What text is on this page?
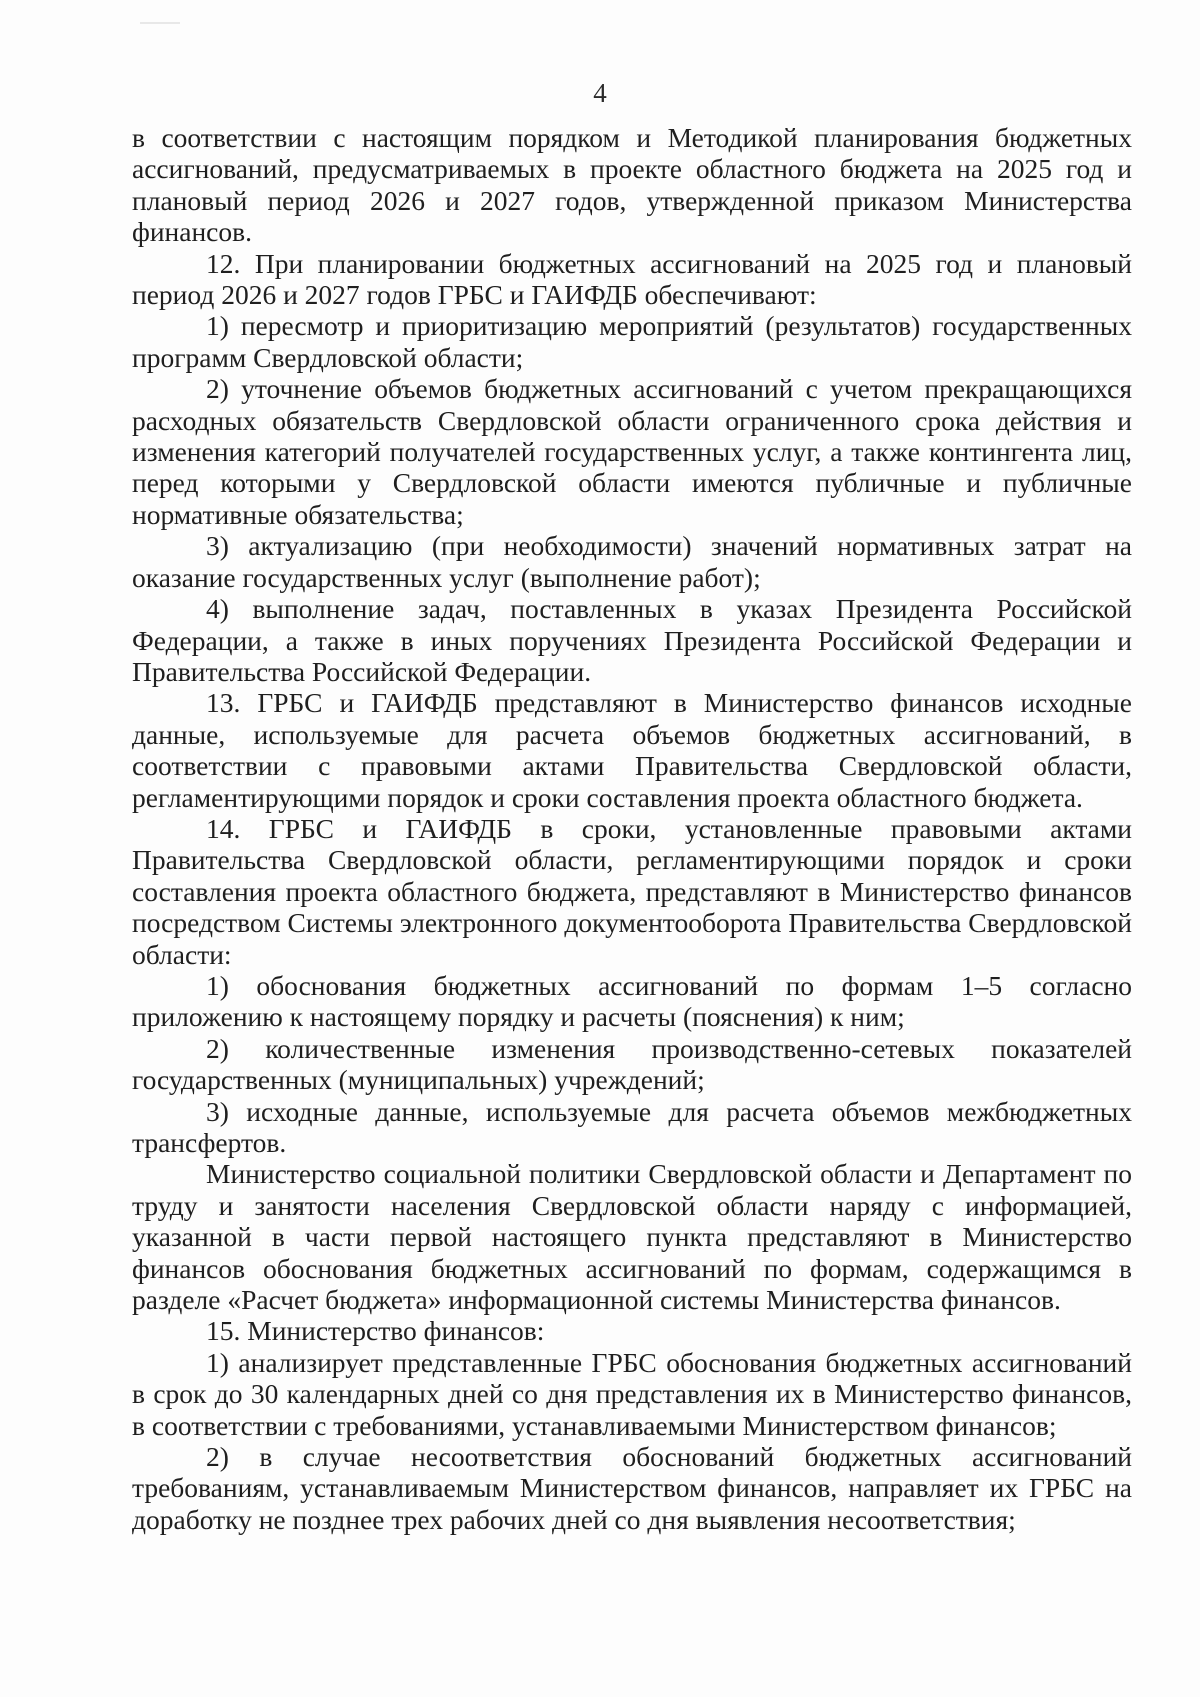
4

в соответствии с настоящим порядком и Методикой планирования бюджетных ассигнований, предусматриваемых в проекте областного бюджета на 2025 год и плановый период 2026 и 2027 годов, утвержденной приказом Министерства финансов.

12. При планировании бюджетных ассигнований на 2025 год и плановый период 2026 и 2027 годов ГРБС и ГАИФДБ обеспечивают:

1) пересмотр и приоритизацию мероприятий (результатов) государственных программ Свердловской области;

2) уточнение объемов бюджетных ассигнований с учетом прекращающихся расходных обязательств Свердловской области ограниченного срока действия и изменения категорий получателей государственных услуг, а также контингента лиц, перед которыми у Свердловской области имеются публичные и публичные нормативные обязательства;

3) актуализацию (при необходимости) значений нормативных затрат на оказание государственных услуг (выполнение работ);

4) выполнение задач, поставленных в указах Президента Российской Федерации, а также в иных поручениях Президента Российской Федерации и Правительства Российской Федерации.

13. ГРБС и ГАИФДБ представляют в Министерство финансов исходные данные, используемые для расчета объемов бюджетных ассигнований, в соответствии с правовыми актами Правительства Свердловской области, регламентирующими порядок и сроки составления проекта областного бюджета.

14. ГРБС и ГАИФДБ в сроки, установленные правовыми актами Правительства Свердловской области, регламентирующими порядок и сроки составления проекта областного бюджета, представляют в Министерство финансов посредством Системы электронного документооборота Правительства Свердловской области:

1) обоснования бюджетных ассигнований по формам 1–5 согласно приложению к настоящему порядку и расчеты (пояснения) к ним;

2) количественные изменения производственно-сетевых показателей государственных (муниципальных) учреждений;

3) исходные данные, используемые для расчета объемов межбюджетных трансфертов.

Министерство социальной политики Свердловской области и Департамент по труду и занятости населения Свердловской области наряду с информацией, указанной в части первой настоящего пункта представляют в Министерство финансов обоснования бюджетных ассигнований по формам, содержащимся в разделе «Расчет бюджета» информационной системы Министерства финансов.

15. Министерство финансов:

1) анализирует представленные ГРБС обоснования бюджетных ассигнований в срок до 30 календарных дней со дня представления их в Министерство финансов, в соответствии с требованиями, устанавливаемыми Министерством финансов;

2) в случае несоответствия обоснований бюджетных ассигнований требованиям, устанавливаемым Министерством финансов, направляет их ГРБС на доработку не позднее трех рабочих дней со дня выявления несоответствия;
